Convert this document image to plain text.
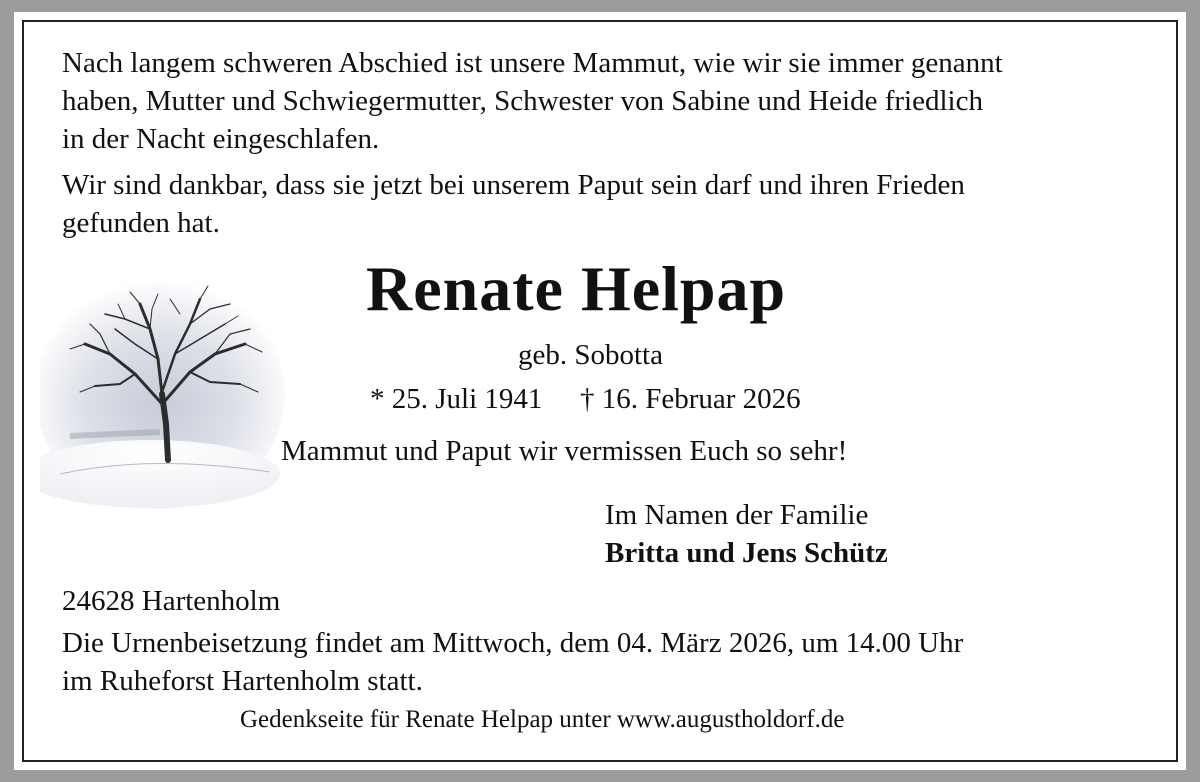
Nach langem schweren Abschied ist unsere Mammut, wie wir sie immer genannt
haben, Mutter und Schwiegermutter, Schwester von Sabine und Heide friedlich
in der Nacht eingeschlafen.
Wir sind dankbar, dass sie jetzt bei unserem Paput sein darf und ihren Frieden
gefunden hat.
Renate Helpap
geb. Sobotta
* 25. Juli 1941 † 16. Februar 2026
Mammut und Paput wir vermissen Euch so sehr!
Im Namen der Familie
Britta und Jens Schütz
24628 Hartenholm
Die Urnenbeisetzung findet am Mittwoch, dem 04. März 2026, um 14.00 Uhr
im Ruheforst Hartenholm statt.
Gedenkseite für Renate Helpap unter www.augustholdorf.de
